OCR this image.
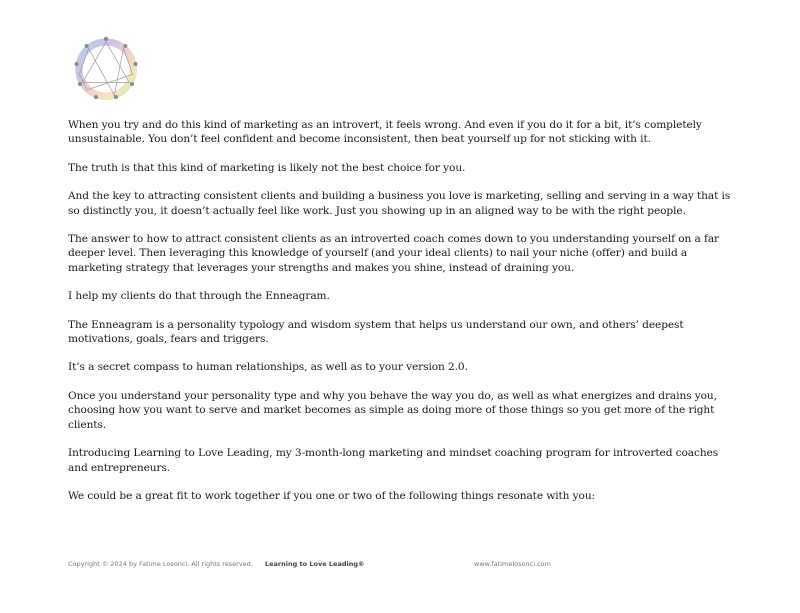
When you try and do this kind of marketing as an introvert, it feels wrong. And even if you do it for a bit, it’s completely unsustainable. You don’t feel confident and become inconsistent, then beat yourself up for not sticking with it.

The truth is that this kind of marketing is likely not the best choice for you.

And the key to attracting consistent clients and building a business you love is marketing, selling and serving in a way that is so distinctly you, it doesn’t actually feel like work. Just you showing up in an aligned way to be with the right people.

The answer to how to attract consistent clients as an introverted coach comes down to you understanding yourself on a far deeper level. Then leveraging this knowledge of yourself (and your ideal clients) to nail your niche (offer) and build a marketing strategy that leverages your strengths and makes you shine, instead of draining you.

I help my clients do that through the Enneagram.

The Enneagram is a personality typology and wisdom system that helps us understand our own, and others’ deepest motivations, goals, fears and triggers.

It’s a secret compass to human relationships, as well as to your version 2.0.

Once you understand your personality type and why you behave the way you do, as well as what energizes and drains you, choosing how you want to serve and market becomes as simple as doing more of those things so you get more of the right clients.

Introducing Learning to Love Leading, my 3-month-long marketing and mindset coaching program for introverted coaches and entrepreneurs.

We could be a great fit to work together if you one or two of the following things resonate with you:

Copyright © 2024 by Fatime Losonci. All rights reserved. Learning to Love Leading®	www.fatimelosonci.com
